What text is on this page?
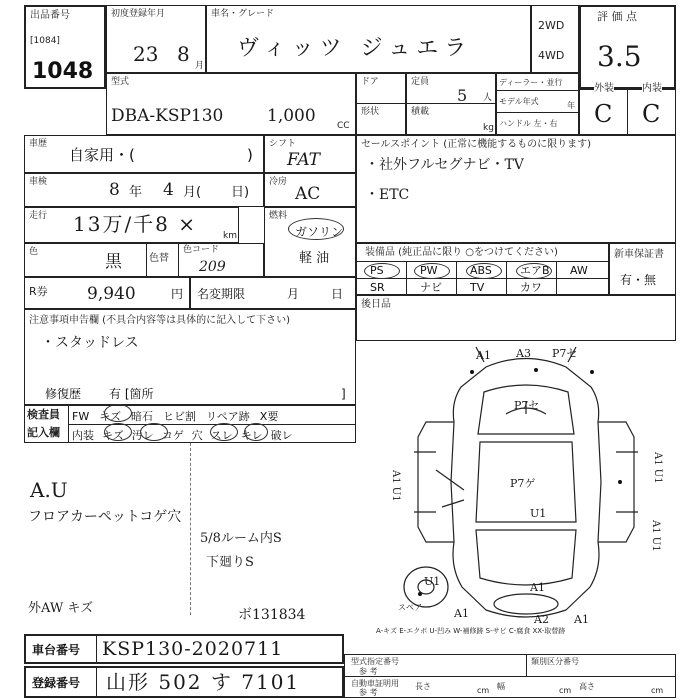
出品番号
[1084]
1048
初度登録年月
23 8 月
車名・グレード
ヴィッツ ジュエラ
2WD
4WD
評 価 点
3.5
型式
DBA-KSP130	1,000 CC
ドア
形状
定員
5 人
積載
kg
ディーラー・並行
モデル年式	年
ハンドル 左・右
外装	内装
C C
車歴
自家用・(	)
シフト
FAT
車検	8 年 4 月( 日)
冷房
AC
走行 13万/千8 ×	km
燃料
ガソリン
軽 油
色	黒	色替
色コード
209
R券 9,940	円 名変期限	月	日
注意事項申告欄 (不具合内容等は具体的に記入して下さい)
・スタッドレス
修復歴 有 [箇所	]
セールスポイント (正常に機能するものに限ります)
・社外フルセグナビ・TV
・ETC
装備品 (純正品に限り ○をつけてください)
PS	PW	ABS	エアB AW
SR	ナビ	TV	カワ
新車保証書
有・無
後日品
検査員
記入欄
FW キズ 暗石 ヒビ割 リペア跡 X要
内装 キズ 汚レ コゲ 穴 スレ キレ 破レ
A.U
フロアカーペットコゲ穴
5/8ルーム内S
下廻りS
外AW キズ	ボ131834
A1 A3 P7セ
P7セ
A1 U1	P7ゲ
U1
A1 U1
A1 U1
U1	A1
A1	A2 A1
スペア
A-キズ E-エクボ U-凹み W-補修跡 S-サビ C-腐食 XX-取替跡
車台番号 KSP130-2020711
登録番号 山形 502 す 7101
型式指定番号
参 考
類別区分番号
自動車証明用
参 考
長さ	cm 幅	cm 高さ	cm
